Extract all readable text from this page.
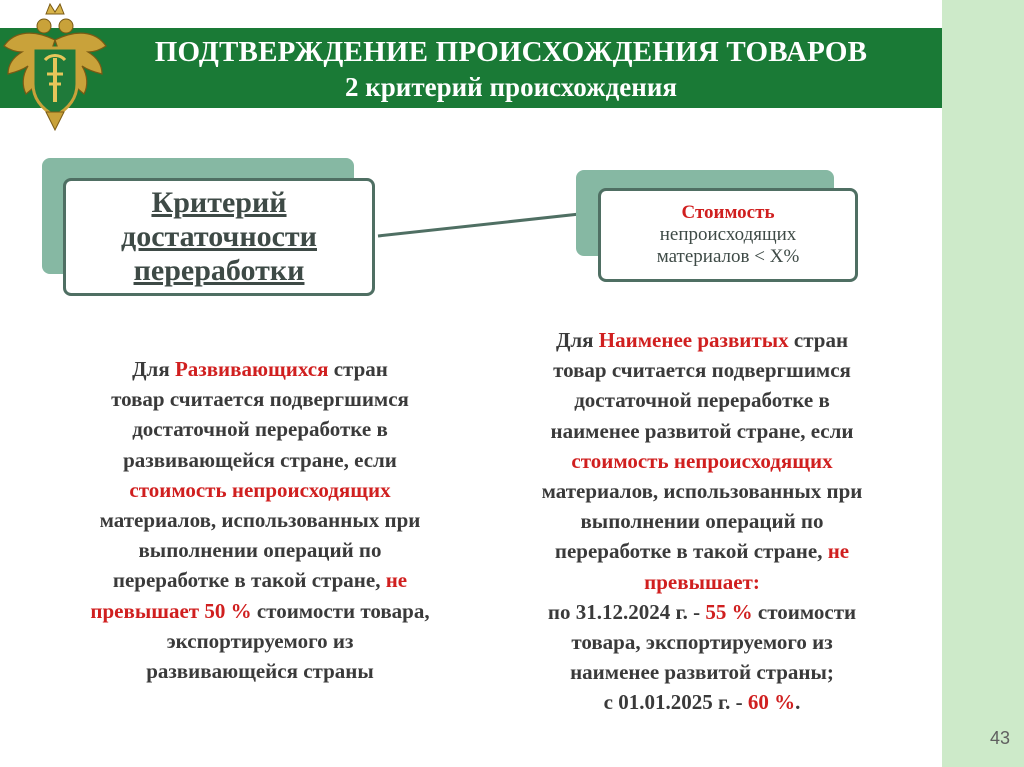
ПОДТВЕРЖДЕНИЕ ПРОИСХОЖДЕНИЯ ТОВАРОВ
2 критерий происхождения
Критерий
достаточности
переработки
Стоимость
непроисходящих
материалов < Х%
Для Развивающихся стран
товар считается подвергшимся
достаточной переработке в
развивающейся стране, если
стоимость непроисходящих
материалов, использованных при
выполнении операций по
переработке в такой стране, не
превышает 50 % стоимости товара,
экспортируемого из
развивающейся страны
Для Наименее развитых стран
товар считается подвергшимся
достаточной переработке в
наименее развитой стране, если
стоимость непроисходящих
материалов, использованных при
выполнении операций по
переработке в такой стране, не
превышает:
по 31.12.2024 г. - 55 % стоимости
товара, экспортируемого из
наименее развитой страны;
с 01.01.2025 г. - 60 %.
43
